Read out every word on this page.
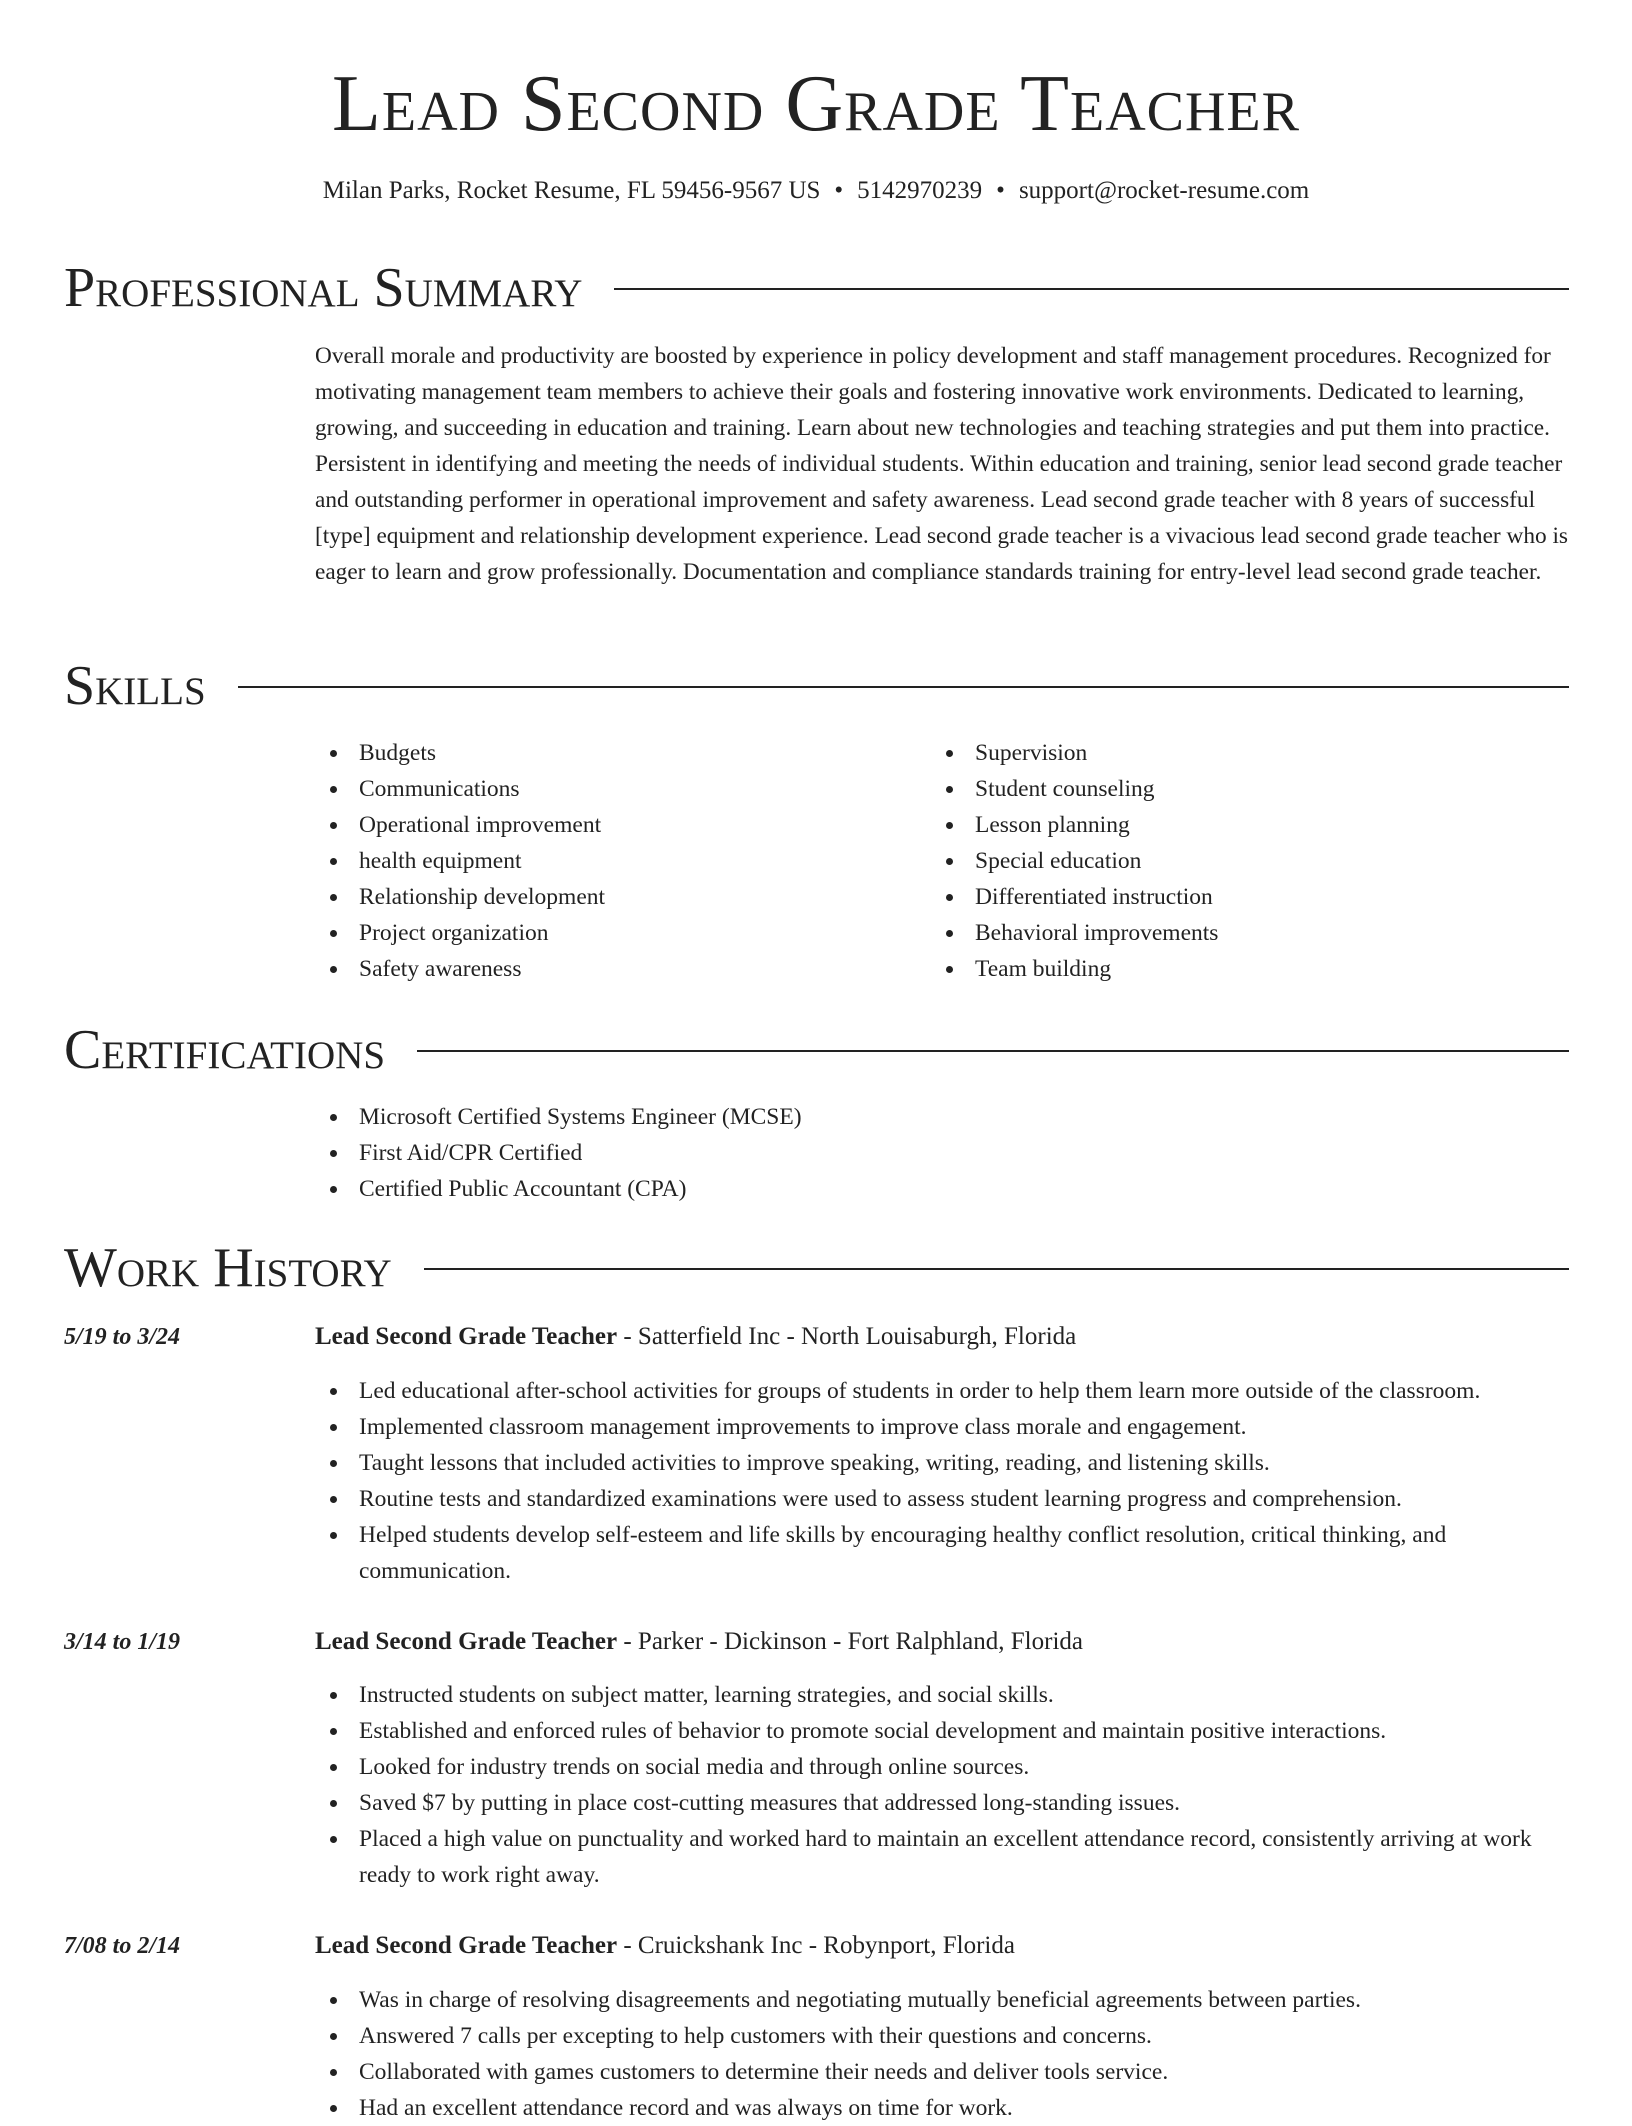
Lead Second Grade Teacher
Milan Parks, Rocket Resume, FL 59456-9567 US • 5142970239 • support@rocket-resume.com
Professional Summary

Overall morale and productivity are boosted by experience in policy development and staff management procedures. Recognized for motivating management team members to achieve their goals and fostering innovative work environments. Dedicated to learning, growing, and succeeding in education and training. Learn about new technologies and teaching strategies and put them into practice. Persistent in identifying and meeting the needs of individual students. Within education and training, senior lead second grade teacher and outstanding performer in operational improvement and safety awareness. Lead second grade teacher with 8 years of successful [type] equipment and relationship development experience. Lead second grade teacher is a vivacious lead second grade teacher who is eager to learn and grow professionally. Documentation and compliance standards training for entry-level lead second grade teacher.

Skills
Budgets
Communications
Operational improvement
health equipment
Relationship development
Project organization
Safety awareness
Supervision
Student counseling
Lesson planning
Special education
Differentiated instruction
Behavioral improvements
Team building
Certifications
Microsoft Certified Systems Engineer (MCSE)
First Aid/CPR Certified
Certified Public Accountant (CPA)
Work History
5/19 to 3/24	Lead Second Grade Teacher - Satterfield Inc - North Louisaburgh, Florida
Led educational after-school activities for groups of students in order to help them learn more outside of the classroom.
Implemented classroom management improvements to improve class morale and engagement.
Taught lessons that included activities to improve speaking, writing, reading, and listening skills.
Routine tests and standardized examinations were used to assess student learning progress and comprehension.
Helped students develop self-esteem and life skills by encouraging healthy conflict resolution, critical thinking, and communication.
3/14 to 1/19	Lead Second Grade Teacher - Parker - Dickinson - Fort Ralphland, Florida
Instructed students on subject matter, learning strategies, and social skills.
Established and enforced rules of behavior to promote social development and maintain positive interactions.
Looked for industry trends on social media and through online sources.
Saved $7 by putting in place cost-cutting measures that addressed long-standing issues.
Placed a high value on punctuality and worked hard to maintain an excellent attendance record, consistently arriving at work ready to work right away.
7/08 to 2/14	Lead Second Grade Teacher - Cruickshank Inc - Robynport, Florida
Was in charge of resolving disagreements and negotiating mutually beneficial agreements between parties.
Answered 7 calls per excepting to help customers with their questions and concerns.
Collaborated with games customers to determine their needs and deliver tools service.
Had an excellent attendance record and was always on time for work.
